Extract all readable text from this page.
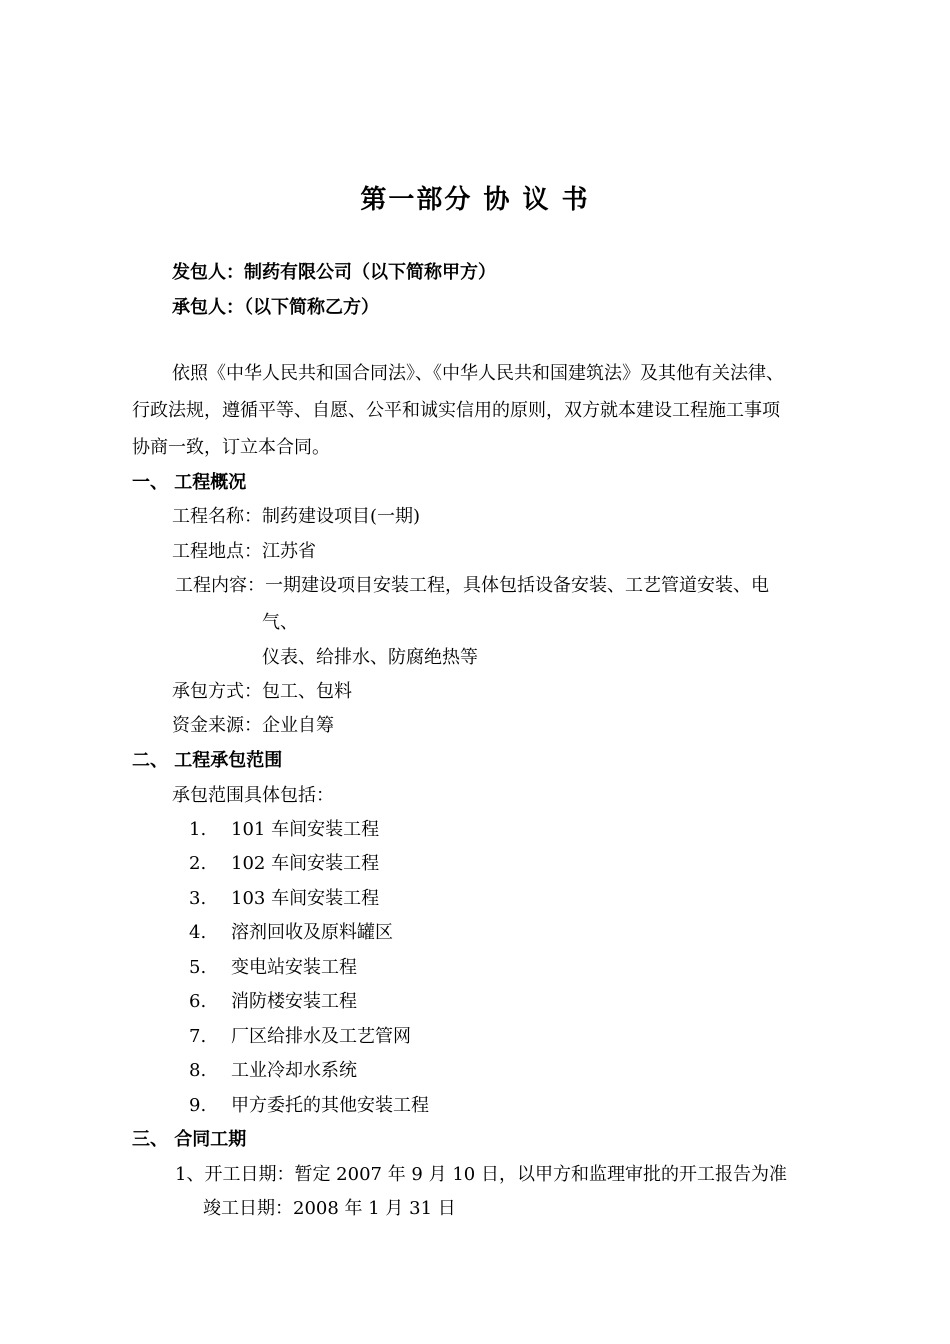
第一部分 协 议 书
发包人：制药有限公司（以下简称甲方）
承包人：（以下简称乙方）
依照《中华人民共和国合同法》、《中华人民共和国建筑法》及其他有关法律、
行政法规，遵循平等、自愿、公平和诚实信用的原则，双方就本建设工程施工事项
协商一致，订立本合同。
一、 工程概况
工程名称：制药建设项目(一期)
工程地点：江苏省
工程内容：一期建设项目安装工程，具体包括设备安装、工艺管道安装、电
气、
仪表、给排水、防腐绝热等
承包方式：包工、包料
资金来源：企业自筹
二、 工程承包范围
承包范围具体包括：
1. 101 车间安装工程
2. 102 车间安装工程
3. 103 车间安装工程
4. 溶剂回收及原料罐区
5. 变电站安装工程
6. 消防楼安装工程
7. 厂区给排水及工艺管网
8. 工业冷却水系统
9. 甲方委托的其他安装工程
三、 合同工期
1、开工日期：暂定 2007 年 9 月 10 日，以甲方和监理审批的开工报告为准
竣工日期：2008 年 1 月 31 日
